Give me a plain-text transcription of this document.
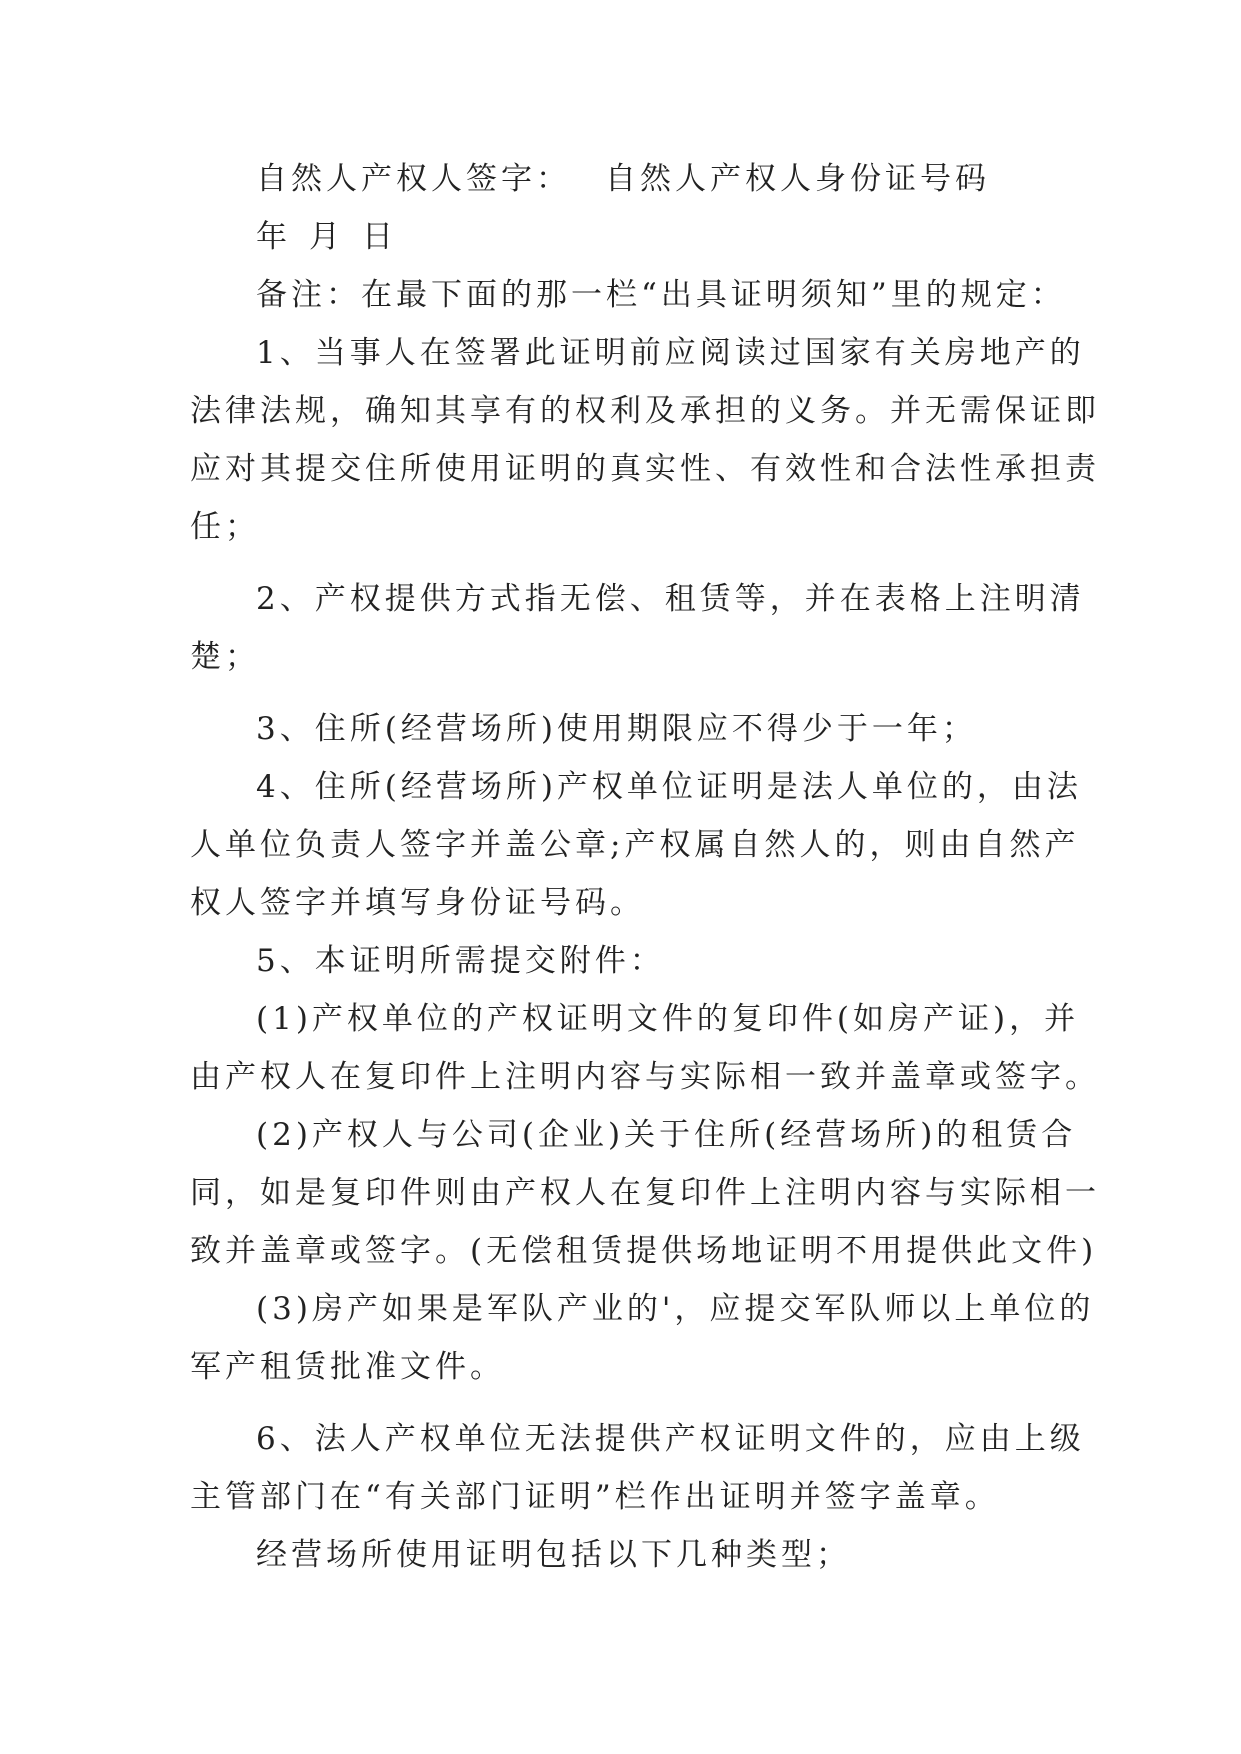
自然人产权人签字： 自然人产权人身份证号码

年 月 日

备注：在最下面的那一栏“出具证明须知”里的规定：

1、当事人在签署此证明前应阅读过国家有关房地产的

法律法规，确知其享有的权利及承担的义务。并无需保证即

应对其提交住所使用证明的真实性、有效性和合法性承担责

任；

2、产权提供方式指无偿、租赁等，并在表格上注明清

楚；

3、住所(经营场所)使用期限应不得少于一年；

4、住所(经营场所)产权单位证明是法人单位的，由法

人单位负责人签字并盖公章;产权属自然人的，则由自然产

权人签字并填写身份证号码。

5、本证明所需提交附件：

(1)产权单位的产权证明文件的复印件(如房产证)，并

由产权人在复印件上注明内容与实际相一致并盖章或签字。

(2)产权人与公司(企业)关于住所(经营场所)的租赁合

同，如是复印件则由产权人在复印件上注明内容与实际相一

致并盖章或签字。(无偿租赁提供场地证明不用提供此文件)

(3)房产如果是军队产业的'，应提交军队师以上单位的

军产租赁批准文件。

6、法人产权单位无法提供产权证明文件的，应由上级

主管部门在“有关部门证明”栏作出证明并签字盖章。

经营场所使用证明包括以下几种类型；
